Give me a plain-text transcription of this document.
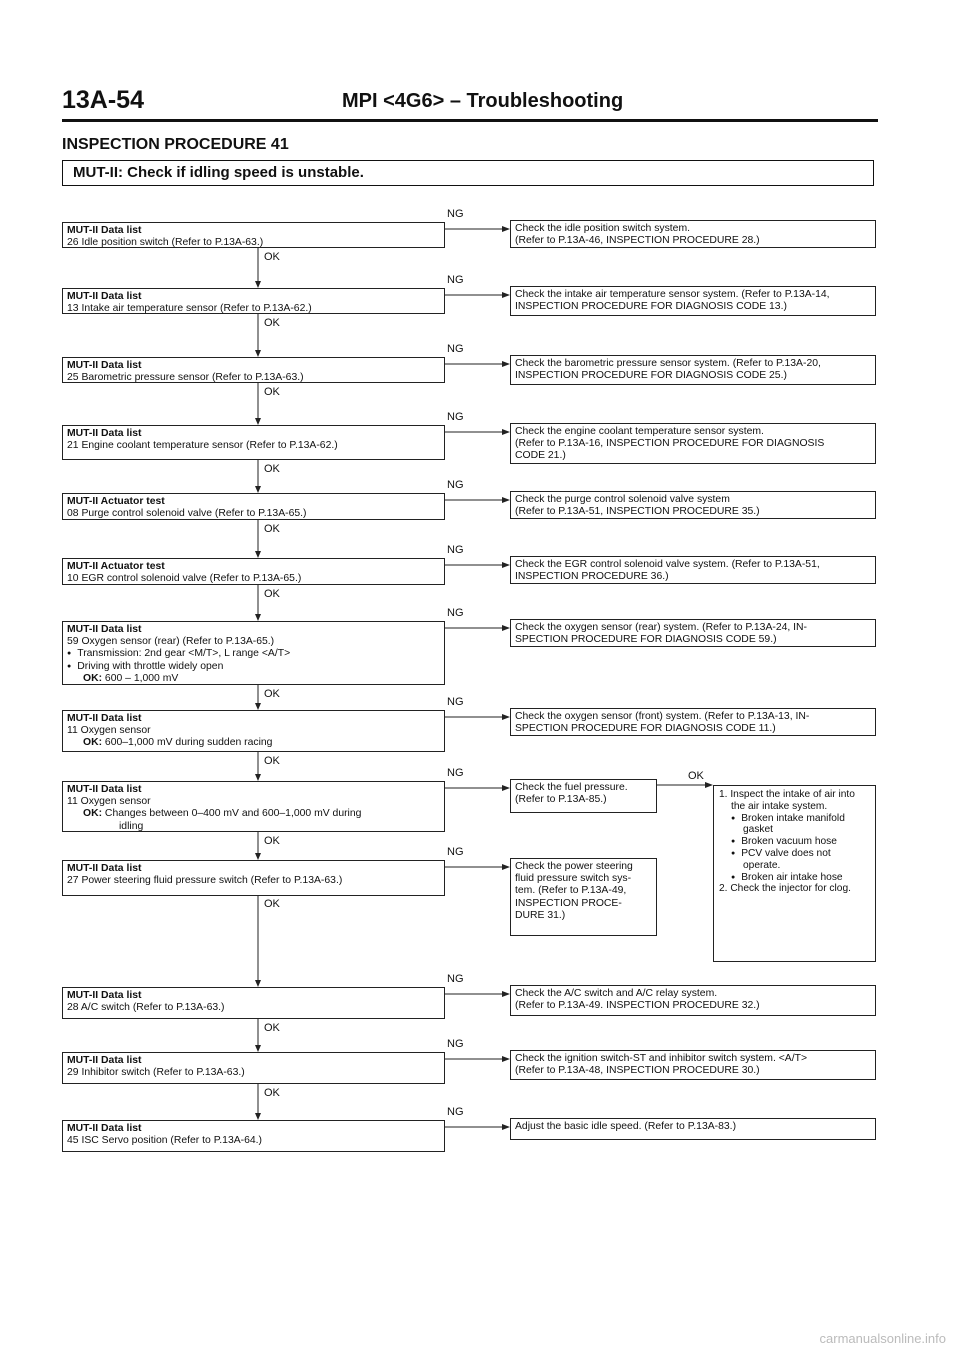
13A-54	MPI <4G6> – Troubleshooting
INSPECTION PROCEDURE 41
MUT-II: Check if idling speed is unstable.
MUT-II Data list
26 Idle position switch (Refer to P.13A-63.)
Check the idle position switch system.
(Refer to P.13A-46, INSPECTION PROCEDURE 28.)
NG
OK
MUT-II Data list
13 Intake air temperature sensor (Refer to P.13A-62.)
Check the intake air temperature sensor system. (Refer to P.13A-14,
INSPECTION PROCEDURE FOR DIAGNOSIS CODE 13.)
NG
OK
MUT-II Data list
25 Barometric pressure sensor (Refer to P.13A-63.)
Check the barometric pressure sensor system. (Refer to P.13A-20,
INSPECTION PROCEDURE FOR DIAGNOSIS CODE 25.)
NG
OK
MUT-II Data list
21 Engine coolant temperature sensor (Refer to P.13A-62.)
Check the engine coolant temperature sensor system.
(Refer to P.13A-16, INSPECTION PROCEDURE FOR DIAGNOSIS
CODE 21.)
NG
OK
MUT-II Actuator test
08 Purge control solenoid valve (Refer to P.13A-65.)
Check the purge control solenoid valve system
(Refer to P.13A-51, INSPECTION PROCEDURE 35.)
NG
OK
MUT-II Actuator test
10 EGR control solenoid valve (Refer to P.13A-65.)
Check the EGR control solenoid valve system. (Refer to P.13A-51,
INSPECTION PROCEDURE 36.)
NG
OK
MUT-II Data list
59 Oxygen sensor (rear) (Refer to P.13A-65.)
● Transmission: 2nd gear <M/T>, L range <A/T>
● Driving with throttle widely open
OK: 600 – 1,000 mV
Check the oxygen sensor (rear) system. (Refer to P.13A-24, IN-
SPECTION PROCEDURE FOR DIAGNOSIS CODE 59.)
NG
OK
MUT-II Data list
11 Oxygen sensor
OK: 600–1,000 mV during sudden racing
Check the oxygen sensor (front) system. (Refer to P.13A-13, IN-
SPECTION PROCEDURE FOR DIAGNOSIS CODE 11.)
NG
OK
MUT-II Data list
11 Oxygen sensor
OK: Changes between 0–400 mV and 600–1,000 mV during
idling
Check the fuel pressure.
(Refer to P.13A-85.)
NG
OK
MUT-II Data list
27 Power steering fluid pressure switch (Refer to P.13A-63.)
Check the power steering
fluid pressure switch sys-
tem. (Refer to P.13A-49,
INSPECTION PROCE-
DURE 31.)
NG
OK
MUT-II Data list
28 A/C switch (Refer to P.13A-63.)
Check the A/C switch and A/C relay system.
(Refer to P.13A-49. INSPECTION PROCEDURE 32.)
NG
OK
MUT-II Data list
29 Inhibitor switch (Refer to P.13A-63.)
Check the ignition switch-ST and inhibitor switch system. <A/T>
(Refer to P.13A-48, INSPECTION PROCEDURE 30.)
NG
OK
MUT-II Data list
45 ISC Servo position (Refer to P.13A-64.)
Adjust the basic idle speed. (Refer to P.13A-83.)
NG
OK
1. Inspect the intake of air into the air intake system.
● Broken intake manifold gasket
● Broken vacuum hose
● PCV valve does not operate.
● Broken air intake hose
2. Check the injector for clog.
carmanualsonline.info
